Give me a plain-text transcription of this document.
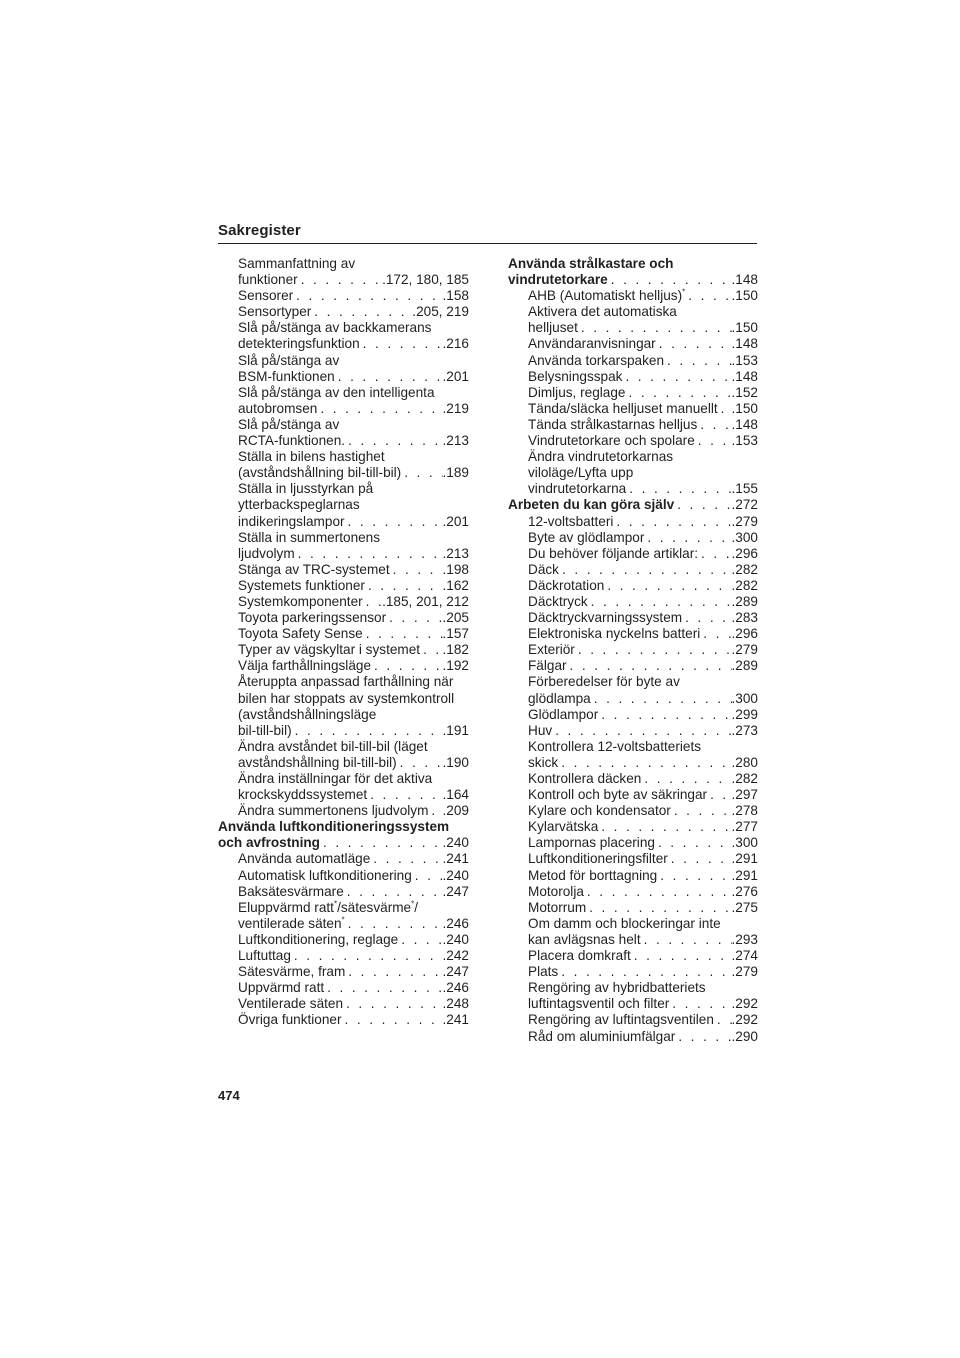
Sakregister
Sammanfattning av
funktioner . . .	.172, 180, 185
Sensorer . . .	.158
Sensortyper . . .	.205, 219
Slå på/stänga av backkamerans
detekteringsfunktion . . .	.216
Slå på/stänga av
BSM-funktionen . . .	.201
Slå på/stänga av den intelligenta
autobromsen . . .	.219
Slå på/stänga av
RCTA-funktionen. . . .	.213
Ställa in bilens hastighet
(avståndshållning bil-till-bil) . . .	.189
Ställa in ljusstyrkan på
ytterbackspeglarnas
indikeringslampor . . .	.201
Ställa in summertonens
ljudvolym . . .	.213
Stänga av TRC-systemet . . .	.198
Systemets funktioner . . .	.162
Systemkomponenter . . . .185, 201, 212
Toyota parkeringssensor . . .	.205
Toyota Safety Sense . . .	.157
Typer av vägskyltar i systemet . . . .182
Välja farthållningsläge . . .	.192
Återuppta anpassad farthållning när
bilen har stoppats av systemkontroll
(avståndshållningsläge
bil-till-bil) . . .	.191
Ändra avståndet bil-till-bil (läget
avståndshållning bil-till-bil) . . .	.190
Ändra inställningar för det aktiva
krockskyddssystemet . . .	.164
Ändra summertonens ljudvolym . . . .209
Använda luftkonditioneringssystem
och avfrostning . . .	.240
Använda automatläge . . .	.241
Automatisk luftkonditionering . . . .240
Baksätesvärmare . . .	.247
Eluppvärmd ratt*/sätesvärme*/
ventilerade säten* . . .	.246
Luftkonditionering, reglage . . .	.240
Luftuttag . . .	.242
Sätesvärme, fram . . .	.247
Uppvärmd ratt . . .	.246
Ventilerade säten . . .	.248
Övriga funktioner . . .	.241
Använda strålkastare och
vindrutetorkare . . .	.148
AHB (Automatiskt helljus)* . . .	.150
Aktivera det automatiska
helljuset . . .	.150
Användaranvisningar . . .	.148
Använda torkarspaken . . .	.153
Belysningsspak . . .	.148
Dimljus, reglage . . .	.152
Tända/släcka helljuset manuellt . . . .150
Tända strålkastarnas helljus . . .	.148
Vindrutetorkare och spolare . . .	.153
Ändra vindrutetorkarnas
viloläge/Lyfta upp
vindrutetorkarna . . .	.155
Arbeten du kan göra själv . . .	.272
12-voltsbatteri . . .	.279
Byte av glödlampor . . .	.300
Du behöver följande artiklar: . . . .296
Däck . . .	.282
Däckrotation . . .	.282
Däcktryck . . .	.289
Däcktryckvarningssystem . . .	.283
Elektroniska nyckelns batteri . . . .296
Exteriör . . .	.279
Fälgar . . .	.289
Förberedelser för byte av
glödlampa . . .	.300
Glödlampor . . .	.299
Huv . . .	.273
Kontrollera 12-voltsbatteriets
skick . . .	.280
Kontrollera däcken . . .	.282
Kontroll och byte av säkringar . . . .297
Kylare och kondensator . . .	.278
Kylarvätska . . .	.277
Lampornas placering . . .	.300
Luftkonditioneringsfilter . . .	.291
Metod för borttagning . . .	.291
Motorolja . . .	.276
Motorrum . . .	.275
Om damm och blockeringar inte
kan avlägsnas helt . . .	.293
Placera domkraft . . .	.274
Plats . . .	.279
Rengöring av hybridbatteriets
luftintagsventil och filter . . .	.292
Rengöring av luftintagsventilen . . . .292
Råd om aluminiumfälgar . . .	.290
474
